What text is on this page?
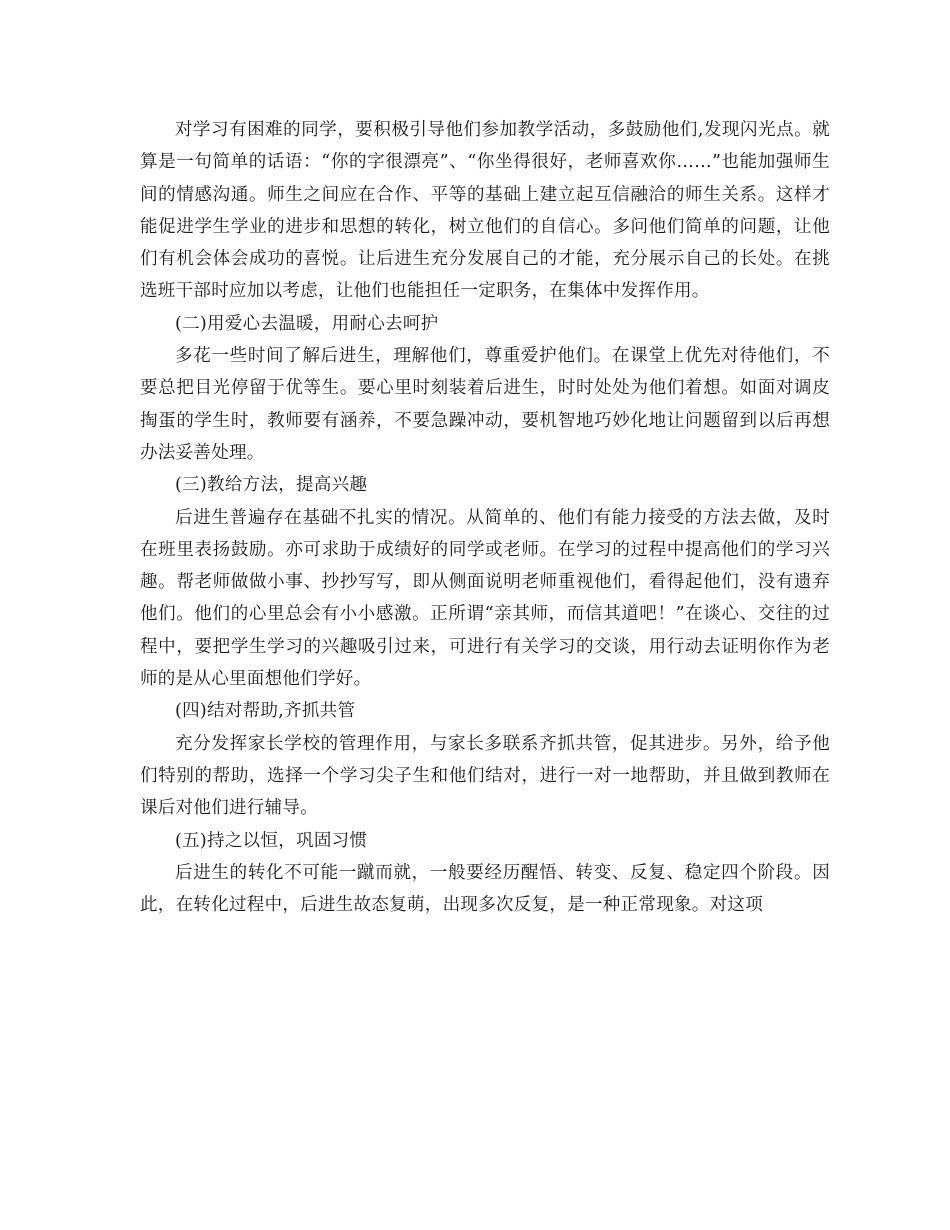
对学习有困难的同学，要积极引导他们参加教学活动，多鼓励他们,发现闪光点。就算是一句简单的话语：“你的字很漂亮”、“你坐得很好，老师喜欢你……”也能加强师生间的情感沟通。师生之间应在合作、平等的基础上建立起互信融洽的师生关系。这样才能促进学生学业的进步和思想的转化，树立他们的自信心。多问他们简单的问题，让他们有机会体会成功的喜悦。让后进生充分发展自己的才能，充分展示自己的长处。在挑选班干部时应加以考虑，让他们也能担任一定职务，在集体中发挥作用。

(二)用爱心去温暖，用耐心去呵护

多花一些时间了解后进生，理解他们，尊重爱护他们。在课堂上优先对待他们，不要总把目光停留于优等生。要心里时刻装着后进生，时时处处为他们着想。如面对调皮掏蛋的学生时，教师要有涵养，不要急躁冲动，要机智地巧妙化地让问题留到以后再想办法妥善处理。

(三)教给方法，提高兴趣

后进生普遍存在基础不扎实的情况。从简单的、他们有能力接受的方法去做，及时在班里表扬鼓励。亦可求助于成绩好的同学或老师。在学习的过程中提高他们的学习兴趣。帮老师做做小事、抄抄写写，即从侧面说明老师重视他们，看得起他们，没有遗弃他们。他们的心里总会有小小感激。正所谓“亲其师，而信其道吧！”在谈心、交往的过程中，要把学生学习的兴趣吸引过来，可进行有关学习的交谈，用行动去证明你作为老师的是从心里面想他们学好。

(四)结对帮助,齐抓共管

充分发挥家长学校的管理作用，与家长多联系齐抓共管，促其进步。另外，给予他们特别的帮助，选择一个学习尖子生和他们结对，进行一对一地帮助，并且做到教师在课后对他们进行辅导。

(五)持之以恒，巩固习惯

后进生的转化不可能一蹴而就，一般要经历醒悟、转变、反复、稳定四个阶段。因此，在转化过程中，后进生故态复萌，出现多次反复，是一种正常现象。对这项
